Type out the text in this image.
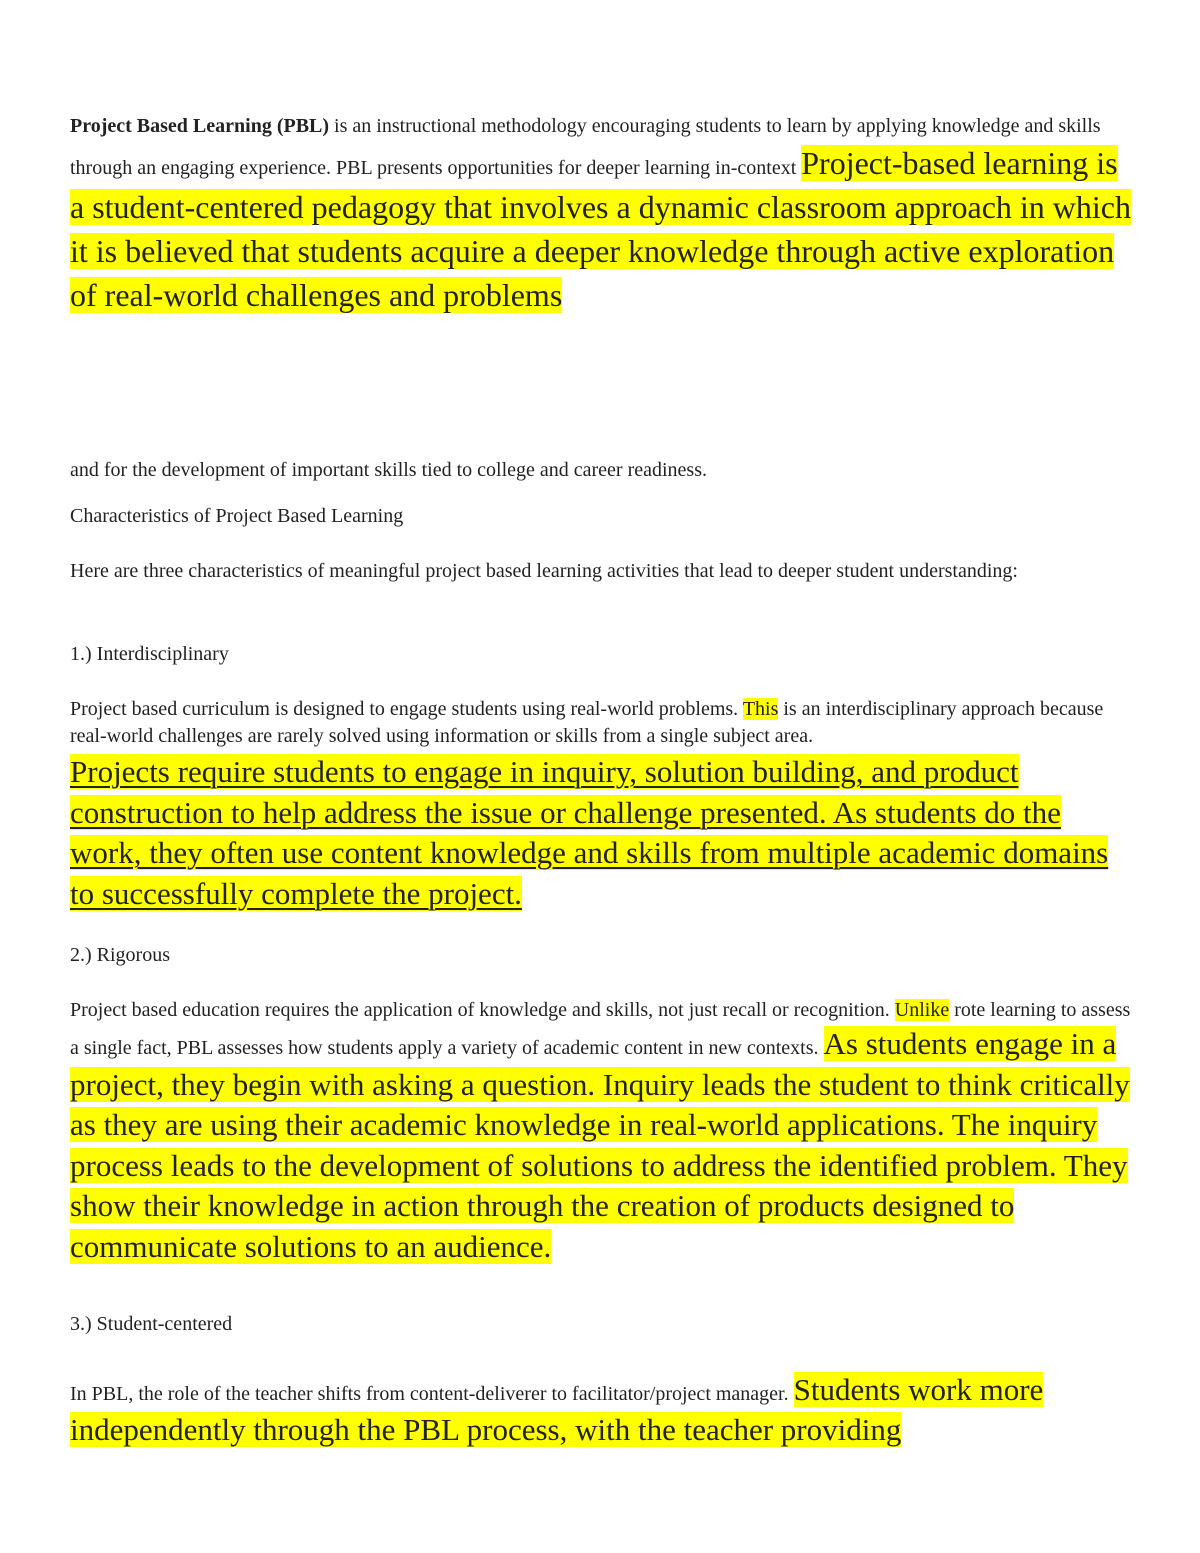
Project Based Learning (PBL) is an instructional methodology encouraging students to learn by applying knowledge and skills through an engaging experience. PBL presents opportunities for deeper learning in-context Project-based learning is a student-centered pedagogy that involves a dynamic classroom approach in which it is believed that students acquire a deeper knowledge through active exploration of real-world challenges and problems

and for the development of important skills tied to college and career readiness.

Characteristics of Project Based Learning

Here are three characteristics of meaningful project based learning activities that lead to deeper student understanding:

1.) Interdisciplinary

Project based curriculum is designed to engage students using real-world problems. This is an interdisciplinary approach because real-world challenges are rarely solved using information or skills from a single subject area.

Projects require students to engage in inquiry, solution building, and product construction to help address the issue or challenge presented. As students do the work, they often use content knowledge and skills from multiple academic domains to successfully complete the project.

2.) Rigorous

Project based education requires the application of knowledge and skills, not just recall or recognition. Unlike rote learning to assess a single fact, PBL assesses how students apply a variety of academic content in new contexts. As students engage in a project, they begin with asking a question. Inquiry leads the student to think critically as they are using their academic knowledge in real-world applications. The inquiry process leads to the development of solutions to address the identified problem. They show their knowledge in action through the creation of products designed to communicate solutions to an audience.

3.) Student-centered

In PBL, the role of the teacher shifts from content-deliverer to facilitator/project manager. Students work more independently through the PBL process, with the teacher providing
